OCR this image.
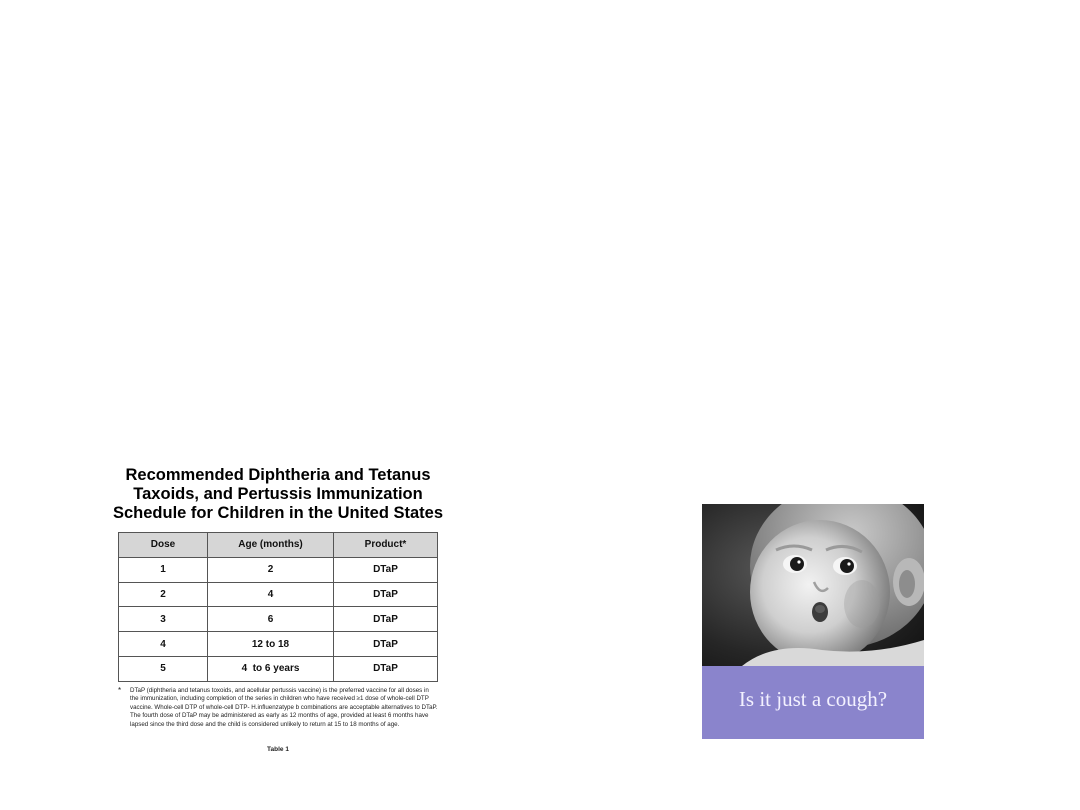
Recommended Diphtheria and Tetanus
Taxoids, and Pertussis Immunization
Schedule for Children in the United States
Dose	Age (months)	Product*
1	2	DTaP
2	4	DTaP
3	6	DTaP
4	12 to 18	DTaP
5	4  to 6 years	DTaP
*	DTaP (diphtheria and tetanus toxoids, and acellular pertussis vaccine) is the preferred vaccine for all doses in the immunization, including completion of the series in children who have received ≥1 dose of whole-cell DTP vaccine. Whole-cell DTP of whole-cell DTP- H.influenzatype b combinations are acceptable alternatives to DTaP. The fourth dose of DTaP may be administered as early as 12 months of age, provided at least 6 months have lapsed since the third dose and the child is considered unlikely to return at 15 to 18 months of age.
Table 1
Is it just a cough?
